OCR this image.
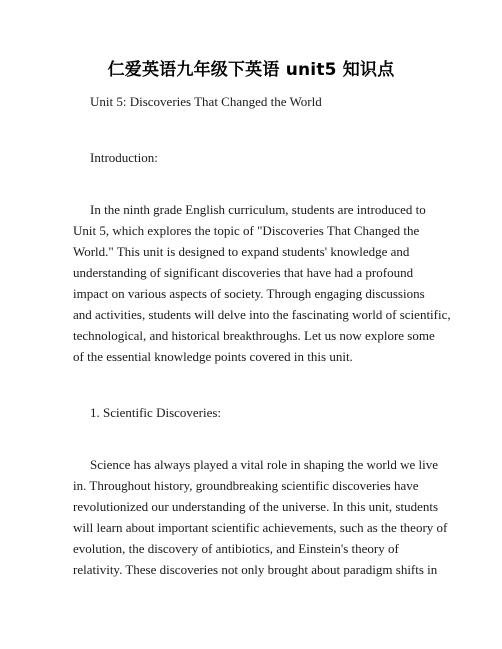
仁爱英语九年级下英语 unit5 知识点
Unit 5: Discoveries That Changed the World
Introduction:
In the ninth grade English curriculum, students are introduced to
Unit 5, which explores the topic of "Discoveries That Changed the
World." This unit is designed to expand students' knowledge and
understanding of significant discoveries that have had a profound
impact on various aspects of society. Through engaging discussions
and activities, students will delve into the fascinating world of scientific,
technological, and historical breakthroughs. Let us now explore some
of the essential knowledge points covered in this unit.
1. Scientific Discoveries:
Science has always played a vital role in shaping the world we live
in. Throughout history, groundbreaking scientific discoveries have
revolutionized our understanding of the universe. In this unit, students
will learn about important scientific achievements, such as the theory of
evolution, the discovery of antibiotics, and Einstein's theory of
relativity. These discoveries not only brought about paradigm shifts in
